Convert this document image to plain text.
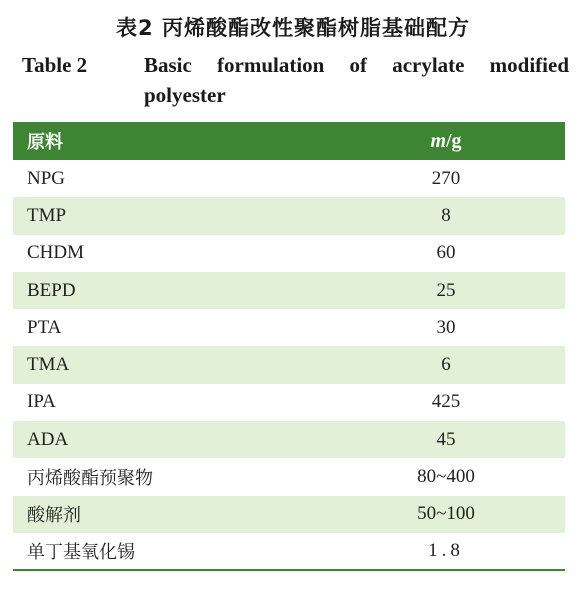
表2 丙烯酸酯改性聚酯树脂基础配方
Table 2	Basic formulation of acrylate modified
polyester
原料	m/g
NPG	270
TMP	8
CHDM	60
BEPD	25
PTA	30
TMA	6
IPA	425
ADA	45
丙烯酸酯预聚物	80~400
酸解剂	50~100
单丁基氧化锡	1.8
